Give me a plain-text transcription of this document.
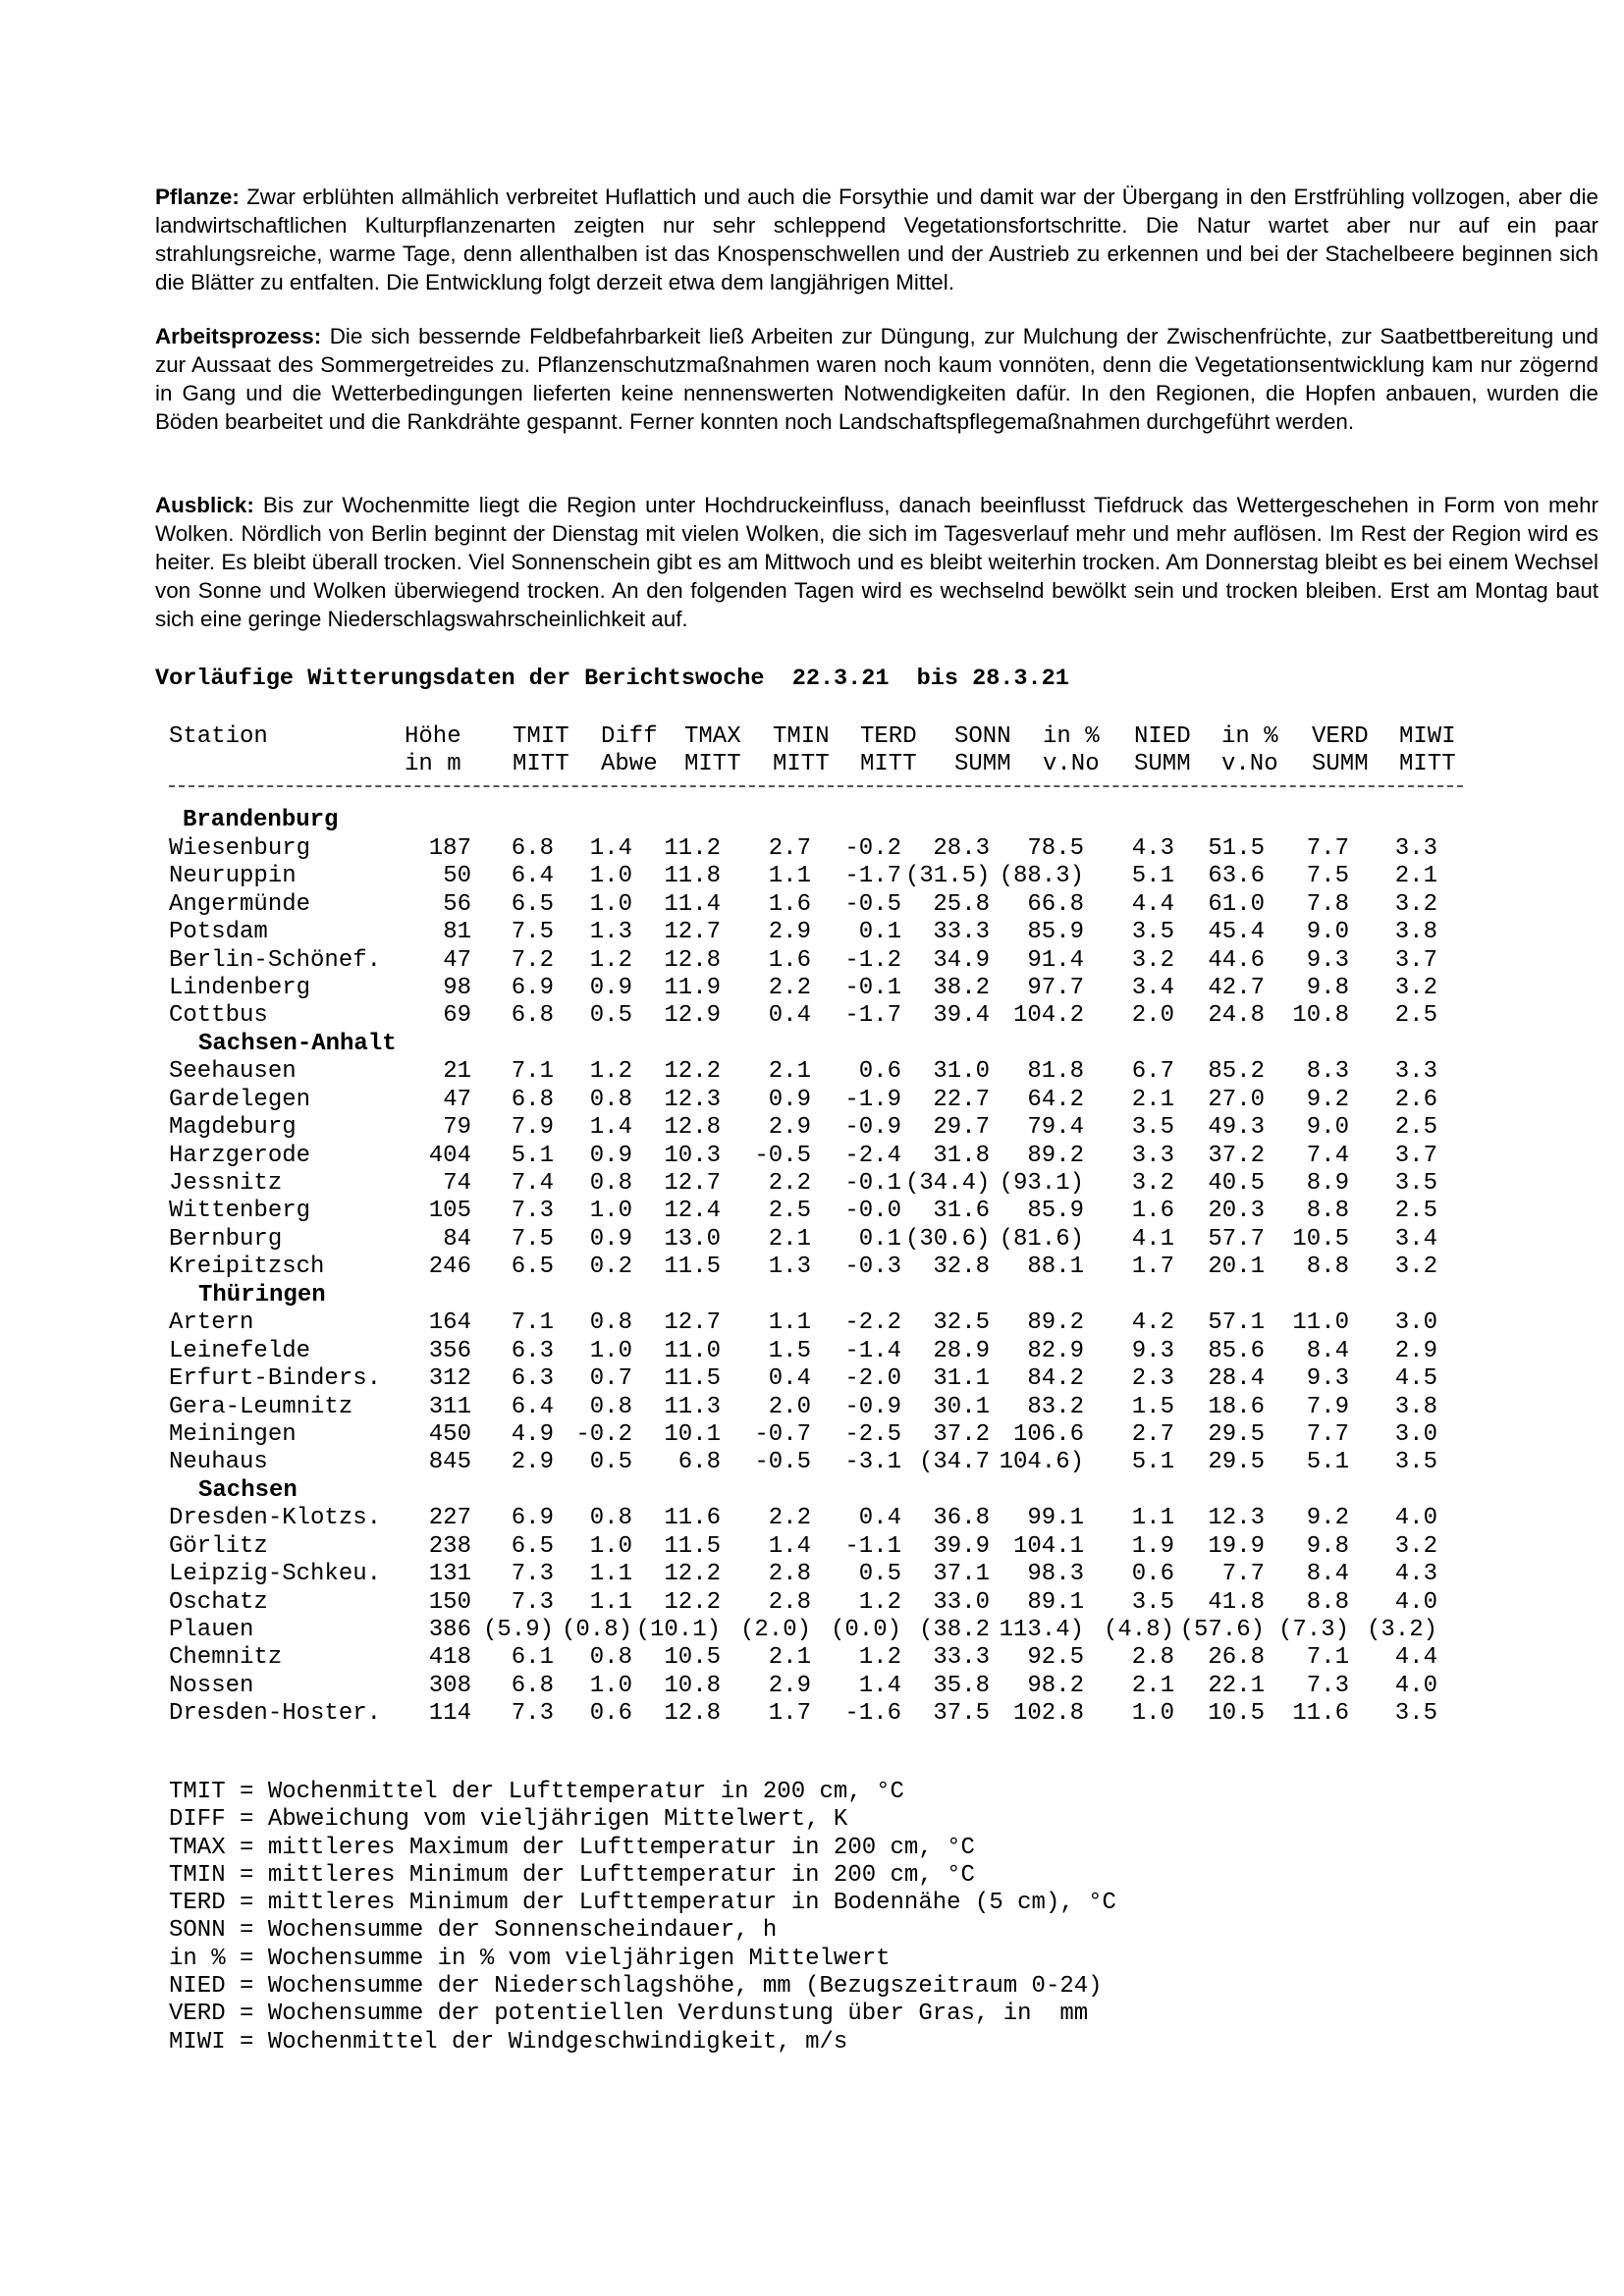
Pflanze: Zwar erblühten allmählich verbreitet Huflattich und auch die Forsythie und damit war der Übergang in den Erstfrühling vollzogen, aber die landwirtschaftlichen Kulturpflanzenarten zeigten nur sehr schleppend Vegetationsfortschritte. Die Natur wartet aber nur auf ein paar strahlungsreiche, warme Tage, denn allenthalben ist das Knospenschwellen und der Austrieb zu erkennen und bei der Stachelbeere beginnen sich die Blätter zu entfalten. Die Entwicklung folgt derzeit etwa dem langjährigen Mittel.

Arbeitsprozess: Die sich bessernde Feldbefahrbarkeit ließ Arbeiten zur Düngung, zur Mulchung der Zwischenfrüchte, zur Saatbettbereitung und zur Aussaat des Sommergetreides zu. Pflanzenschutzmaßnahmen waren noch kaum vonnöten, denn die Vegetationsentwicklung kam nur zögernd in Gang und die Wetterbedingungen lieferten keine nennenswerten Notwendigkeiten dafür. In den Regionen, die Hopfen anbauen, wurden die Böden bearbeitet und die Rankdrähte gespannt. Ferner konnten noch Landschaftspflegemaßnahmen durchgeführt werden.

Ausblick: Bis zur Wochenmitte liegt die Region unter Hochdruckeinfluss, danach beeinflusst Tiefdruck das Wettergeschehen in Form von mehr Wolken. Nördlich von Berlin beginnt der Dienstag mit vielen Wolken, die sich im Tagesverlauf mehr und mehr auflösen. Im Rest der Region wird es heiter. Es bleibt überall trocken. Viel Sonnenschein gibt es am Mittwoch und es bleibt weiterhin trocken. Am Donnerstag bleibt es bei einem Wechsel von Sonne und Wolken überwiegend trocken. An den folgenden Tagen wird es wechselnd bewölkt sein und trocken bleiben. Erst am Montag baut sich eine geringe Niederschlagswahrscheinlichkeit auf.

Vorläufige Witterungsdaten der Berichtswoche 22.3.21 bis 28.3.21
Station	Höhe TMIT Diff TMAX TMIN TERD SONN in % NIED in % VERD MIWI
in m MITT Abwe MITT MITT MITT SUMM v.No SUMM v.No SUMM MITT
Brandenburg
Wiesenburg	187	6.8	1.4	11.2	2.7	-0.2	28.3	78.5	4.3	51.5	7.7	3.3
Neuruppin	50	6.4	1.0	11.8	1.1	-1.7 (31.5) (88.3)	5.1	63.6	7.5	2.1
Angermünde	56	6.5	1.0	11.4	1.6	-0.5	25.8	66.8	4.4	61.0	7.8	3.2
Potsdam	81	7.5	1.3	12.7	2.9	0.1	33.3	85.9	3.5	45.4	9.0	3.8
Berlin-Schönef.	47	7.2	1.2	12.8	1.6	-1.2	34.9	91.4	3.2	44.6	9.3	3.7
Lindenberg	98	6.9	0.9	11.9	2.2	-0.1	38.2	97.7	3.4	42.7	9.8	3.2
Cottbus	69	6.8	0.5	12.9	0.4	-1.7	39.4 104.2	2.0	24.8	10.8	2.5
Sachsen-Anhalt
Seehausen	21	7.1	1.2	12.2	2.1	0.6	31.0	81.8	6.7	85.2	8.3	3.3
Gardelegen	47	6.8	0.8	12.3	0.9	-1.9	22.7	64.2	2.1	27.0	9.2	2.6
Magdeburg	79	7.9	1.4	12.8	2.9	-0.9	29.7	79.4	3.5	49.3	9.0	2.5
Harzgerode	404	5.1	0.9	10.3	-0.5	-2.4	31.8	89.2	3.3	37.2	7.4	3.7
Jessnitz	74	7.4	0.8	12.7	2.2	-0.1 (34.4) (93.1)	3.2	40.5	8.9	3.5
Wittenberg	105	7.3	1.0	12.4	2.5	-0.0	31.6	85.9	1.6	20.3	8.8	2.5
Bernburg	84	7.5	0.9	13.0	2.1	0.1 (30.6) (81.6)	4.1	57.7	10.5	3.4
Kreipitzsch	246	6.5	0.2	11.5	1.3	-0.3	32.8	88.1	1.7	20.1	8.8	3.2
Thüringen
Artern	164	7.1	0.8	12.7	1.1	-2.2	32.5	89.2	4.2	57.1	11.0	3.0
Leinefelde	356	6.3	1.0	11.0	1.5	-1.4	28.9	82.9	9.3	85.6	8.4	2.9
Erfurt-Binders.	312	6.3	0.7	11.5	0.4	-2.0	31.1	84.2	2.3	28.4	9.3	4.5
Gera-Leumnitz	311	6.4	0.8	11.3	2.0	-0.9	30.1	83.2	1.5	18.6	7.9	3.8
Meiningen	450	4.9 -0.2	10.1	-0.7	-2.5	37.2 106.6	2.7	29.5	7.7	3.0
Neuhaus	845	2.9	0.5	6.8	-0.5	-3.1 (34.7 104.6)	5.1	29.5	5.1	3.5
Sachsen
Dresden-Klotzs.	227	6.9	0.8	11.6	2.2	0.4	36.8	99.1	1.1	12.3	9.2	4.0
Görlitz	238	6.5	1.0	11.5	1.4	-1.1	39.9 104.1	1.9	19.9	9.8	3.2
Leipzig-Schkeu.	131	7.3	1.1	12.2	2.8	0.5	37.1	98.3	0.6	7.7	8.4	4.3
Oschatz	150	7.3	1.1	12.2	2.8	1.2	33.0	89.1	3.5	41.8	8.8	4.0
Plauen	386 (5.9) (0.8) (10.1) (2.0) (0.0) (38.2 113.4) (4.8) (57.6) (7.3) (3.2)
Chemnitz	418	6.1	0.8	10.5	2.1	1.2	33.3	92.5	2.8	26.8	7.1	4.4
Nossen	308	6.8	1.0	10.8	2.9	1.4	35.8	98.2	2.1	22.1	7.3	4.0
Dresden-Hoster.	114	7.3	0.6	12.8	1.7	-1.6	37.5 102.8	1.0	10.5	11.6	3.5
TMIT = Wochenmittel der Lufttemperatur in 200 cm, °C
DIFF = Abweichung vom vieljährigen Mittelwert, K
TMAX = mittleres Maximum der Lufttemperatur in 200 cm, °C
TMIN = mittleres Minimum der Lufttemperatur in 200 cm, °C
TERD = mittleres Minimum der Lufttemperatur in Bodennähe (5 cm), °C
SONN = Wochensumme der Sonnenscheindauer, h
in % = Wochensumme in % vom vieljährigen Mittelwert
NIED = Wochensumme der Niederschlagshöhe, mm (Bezugszeitraum 0-24)
VERD = Wochensumme der potentiellen Verdunstung über Gras, in  mm
MIWI = Wochenmittel der Windgeschwindigkeit, m/s
